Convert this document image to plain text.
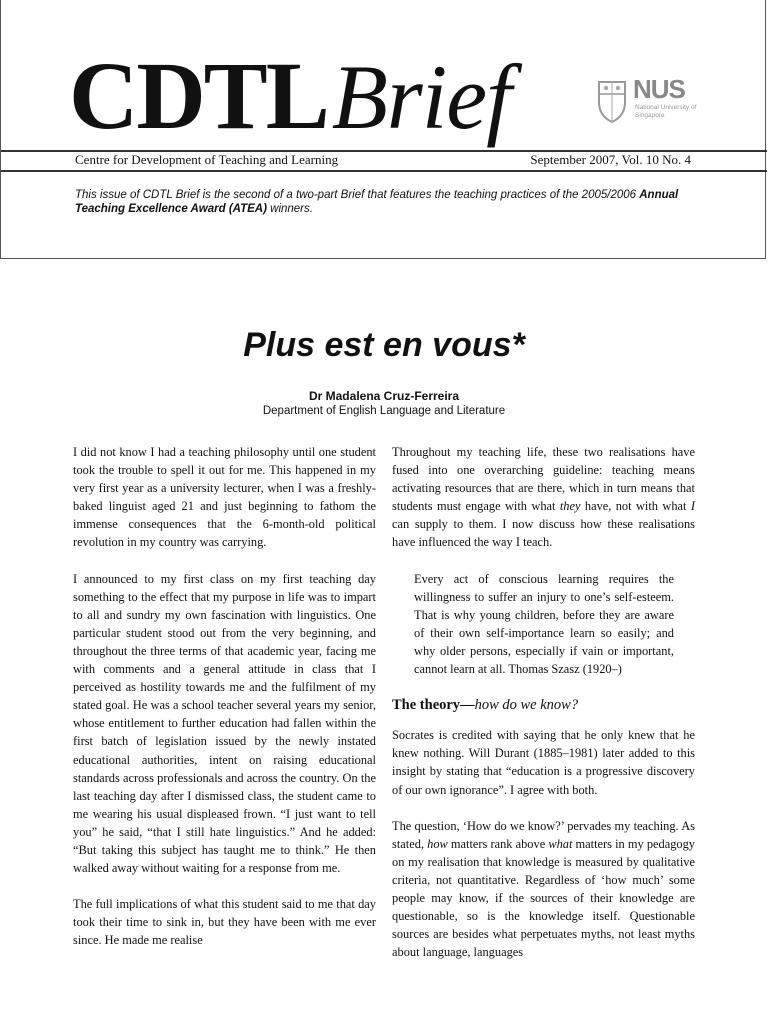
CDTLBrief	NUS
National University of Singapore
Centre for Development of Teaching and Learning	September 2007, Vol. 10 No. 4
This issue of CDTL Brief is the second of a two-part Brief that features the teaching practices of the 2005/2006 Annual Teaching Excellence Award (ATEA) winners.
Plus est en vous*
Dr Madalena Cruz-Ferreira
Department of English Language and Literature

I did not know I had a teaching philosophy until one student took the trouble to spell it out for me. This happened in my very first year as a university lecturer, when I was a freshly-baked linguist aged 21 and just beginning to fathom the immense consequences that the 6-month-old political revolution in my country was carrying.

I announced to my first class on my first teaching day something to the effect that my purpose in life was to impart to all and sundry my own fascination with linguistics. One particular student stood out from the very beginning, and throughout the three terms of that academic year, facing me with comments and a general attitude in class that I perceived as hostility towards me and the fulfilment of my stated goal. He was a school teacher several years my senior, whose entitlement to further education had fallen within the first batch of legislation issued by the newly instated educational authorities, intent on raising educational standards across professionals and across the country. On the last teaching day after I dismissed class, the student came to me wearing his usual displeased frown. “I just want to tell you” he said, “that I still hate linguistics.” And he added: “But taking this subject has taught me to think.” He then walked away without waiting for a response from me.

The full implications of what this student said to me that day took their time to sink in, but they have been with me ever since. He made me realise

Throughout my teaching life, these two realisations have fused into one overarching guideline: teaching means activating resources that are there, which in turn means that students must engage with what they have, not with what I can supply to them. I now discuss how these realisations have influenced the way I teach.

Every act of conscious learning requires the willingness to suffer an injury to one’s self-esteem. That is why young children, before they are aware of their own self-importance learn so easily; and why older persons, especially if vain or important, cannot learn at all. Thomas Szasz (1920–)

The theory—how do we know?

Socrates is credited with saying that he only knew that he knew nothing. Will Durant (1885–1981) later added to this insight by stating that “education is a progressive discovery of our own ignorance”. I agree with both.

The question, ‘How do we know?’ pervades my teaching. As stated, how matters rank above what matters in my pedagogy on my realisation that knowledge is measured by qualitative criteria, not quantitative. Regardless of ‘how much’ some people may know, if the sources of their knowledge are questionable, so is the knowledge itself. Questionable sources are besides what perpetuates myths, not least myths about language, languages
